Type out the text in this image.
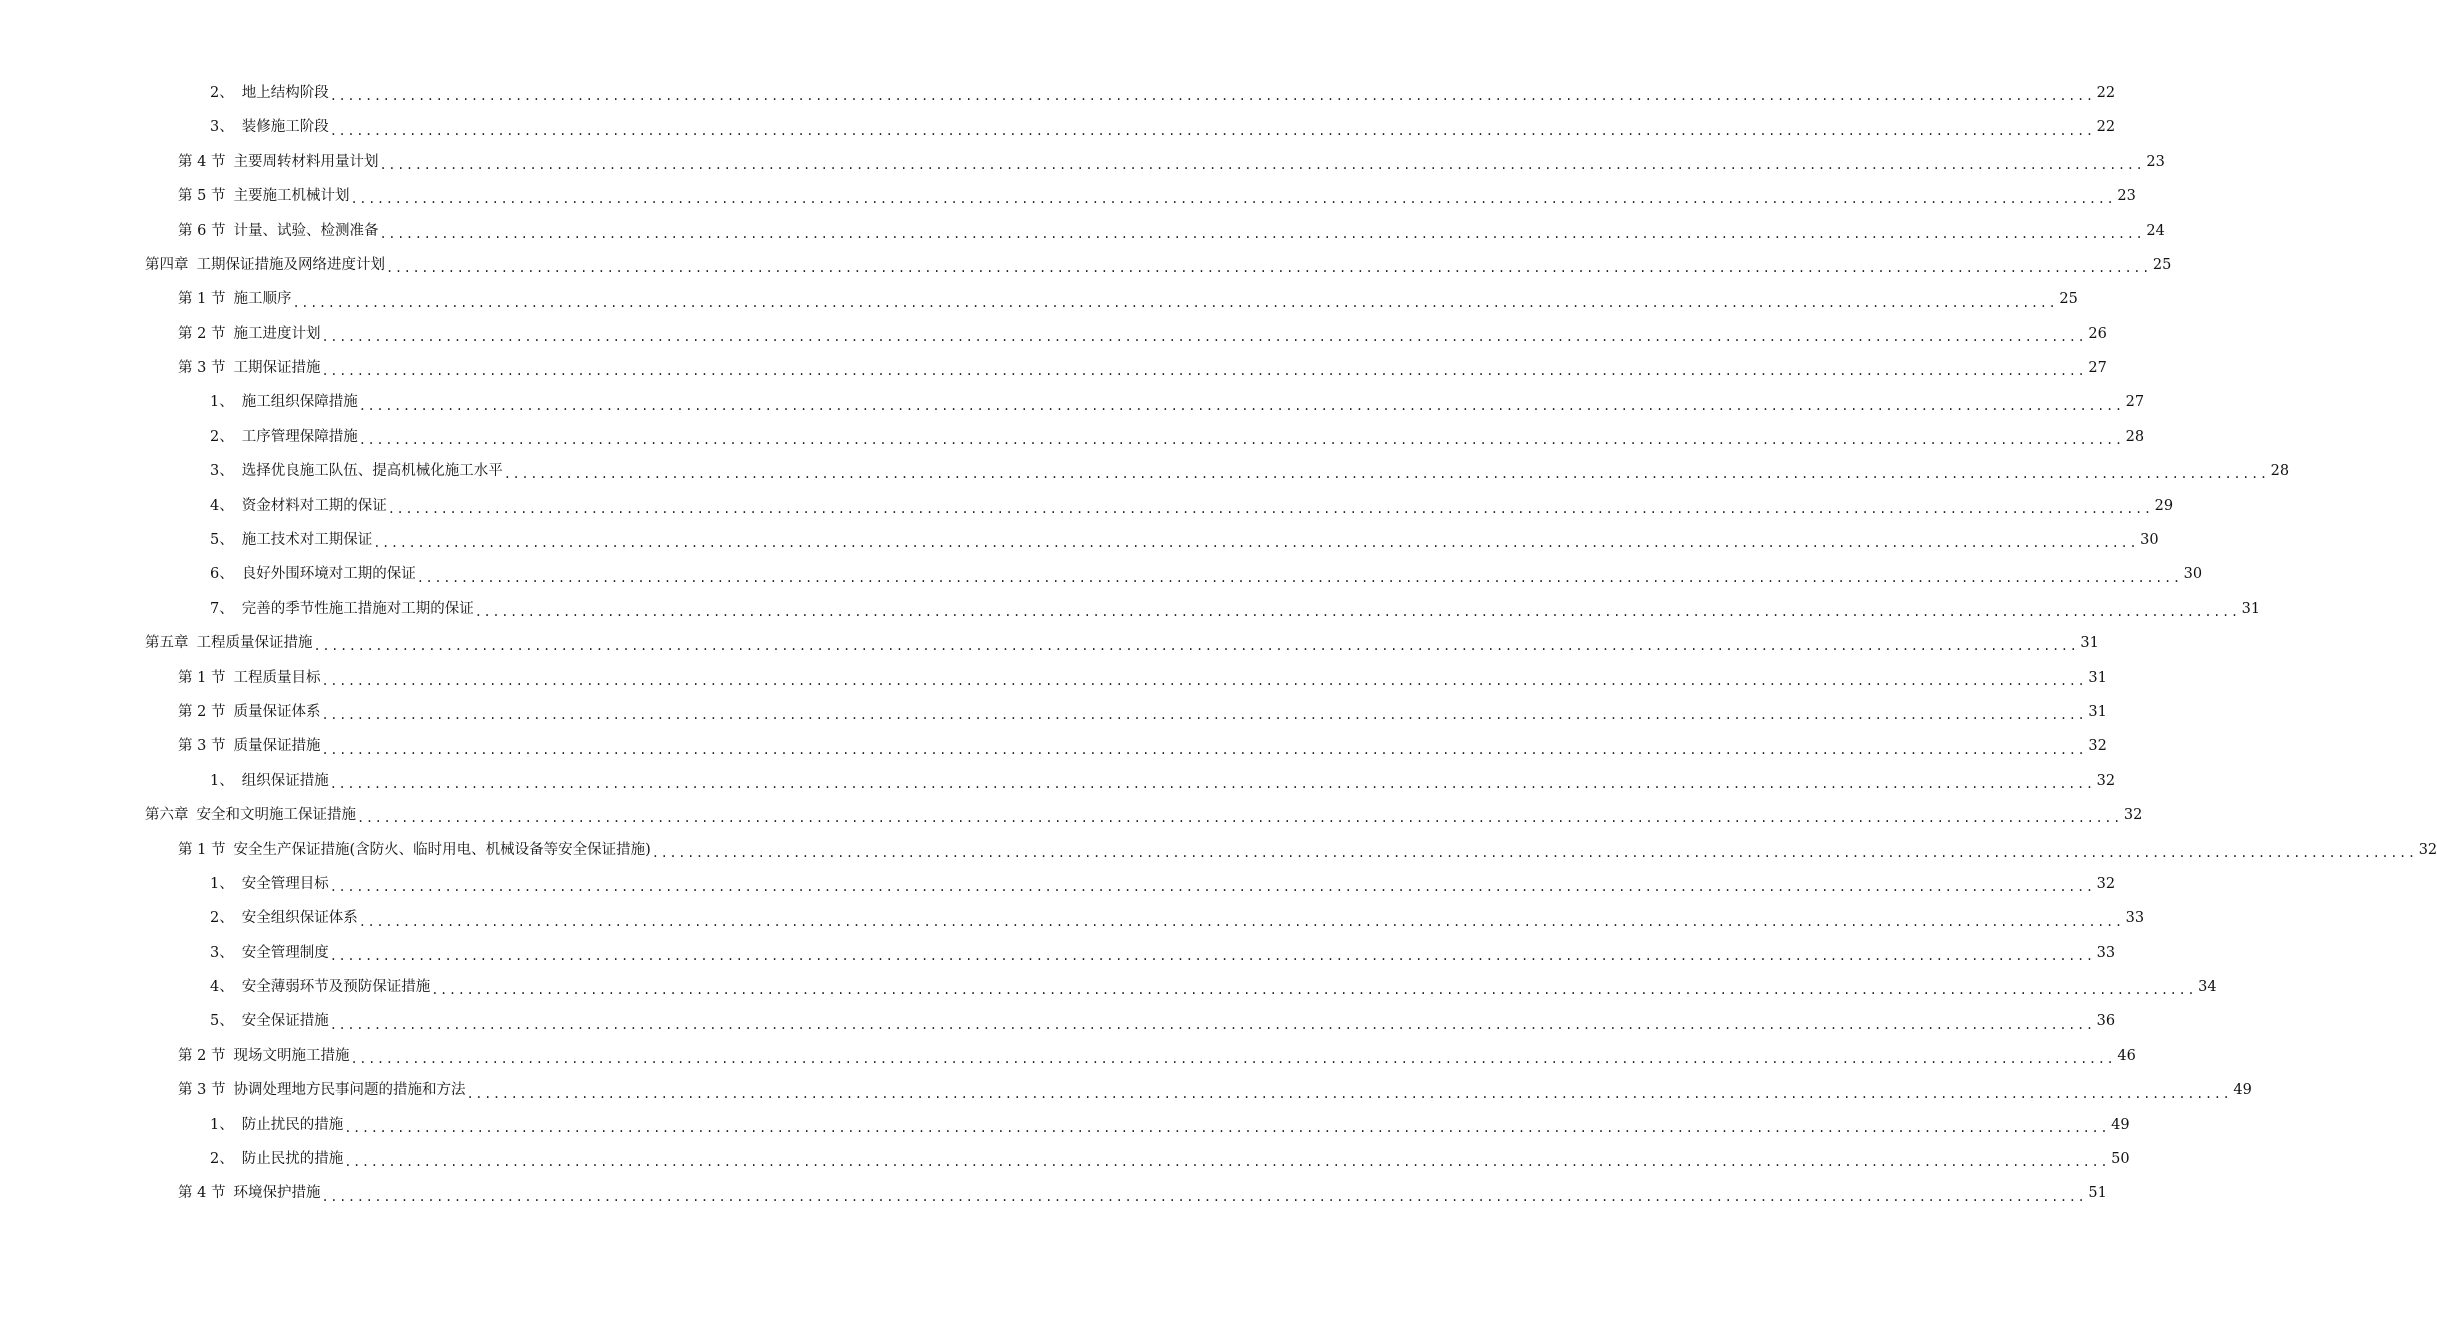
2、 地上结构阶段 ........................................................................................................................................................................................................ 22
3、 装修施工阶段 ........................................................................................................................................................................................................ 22
第 4 节 主要周转材料用量计划 ........................................................................................................................................................................................................ 23
第 5 节 主要施工机械计划 ........................................................................................................................................................................................................ 23
第 6 节 计量、试验、检测准备 ........................................................................................................................................................................................................ 24
第四章 工期保证措施及网络进度计划 ........................................................................................................................................................................................................ 25
第 1 节 施工顺序 ........................................................................................................................................................................................................ 25
第 2 节 施工进度计划 ........................................................................................................................................................................................................ 26
第 3 节 工期保证措施 ........................................................................................................................................................................................................ 27
1、 施工组织保障措施 ........................................................................................................................................................................................................ 27
2、 工序管理保障措施 ........................................................................................................................................................................................................ 28
3、 选择优良施工队伍、提高机械化施工水平 ........................................................................................................................................................................................................ 28
4、 资金材料对工期的保证 ........................................................................................................................................................................................................ 29
5、 施工技术对工期保证 ........................................................................................................................................................................................................ 30
6、 良好外围环境对工期的保证 ........................................................................................................................................................................................................ 30
7、 完善的季节性施工措施对工期的保证 ........................................................................................................................................................................................................ 31
第五章 工程质量保证措施 ........................................................................................................................................................................................................ 31
第 1 节 工程质量目标 ........................................................................................................................................................................................................ 31
第 2 节 质量保证体系 ........................................................................................................................................................................................................ 31
第 3 节 质量保证措施 ........................................................................................................................................................................................................ 32
1、 组织保证措施 ........................................................................................................................................................................................................ 32
第六章 安全和文明施工保证措施 ........................................................................................................................................................................................................ 32
第 1 节 安全生产保证措施(含防火、临时用电、机械设备等安全保证措施) ........................................................................................................................................................................................................ 32
1、 安全管理目标 ........................................................................................................................................................................................................ 32
2、 安全组织保证体系 ........................................................................................................................................................................................................ 33
3、 安全管理制度 ........................................................................................................................................................................................................ 33
4、 安全薄弱环节及预防保证措施 ........................................................................................................................................................................................................ 34
5、 安全保证措施 ........................................................................................................................................................................................................ 36
第 2 节 现场文明施工措施 ........................................................................................................................................................................................................ 46
第 3 节 协调处理地方民事问题的措施和方法 ........................................................................................................................................................................................................ 49
1、 防止扰民的措施 ........................................................................................................................................................................................................ 49
2、 防止民扰的措施 ........................................................................................................................................................................................................ 50
第 4 节 环境保护措施 ........................................................................................................................................................................................................ 51
